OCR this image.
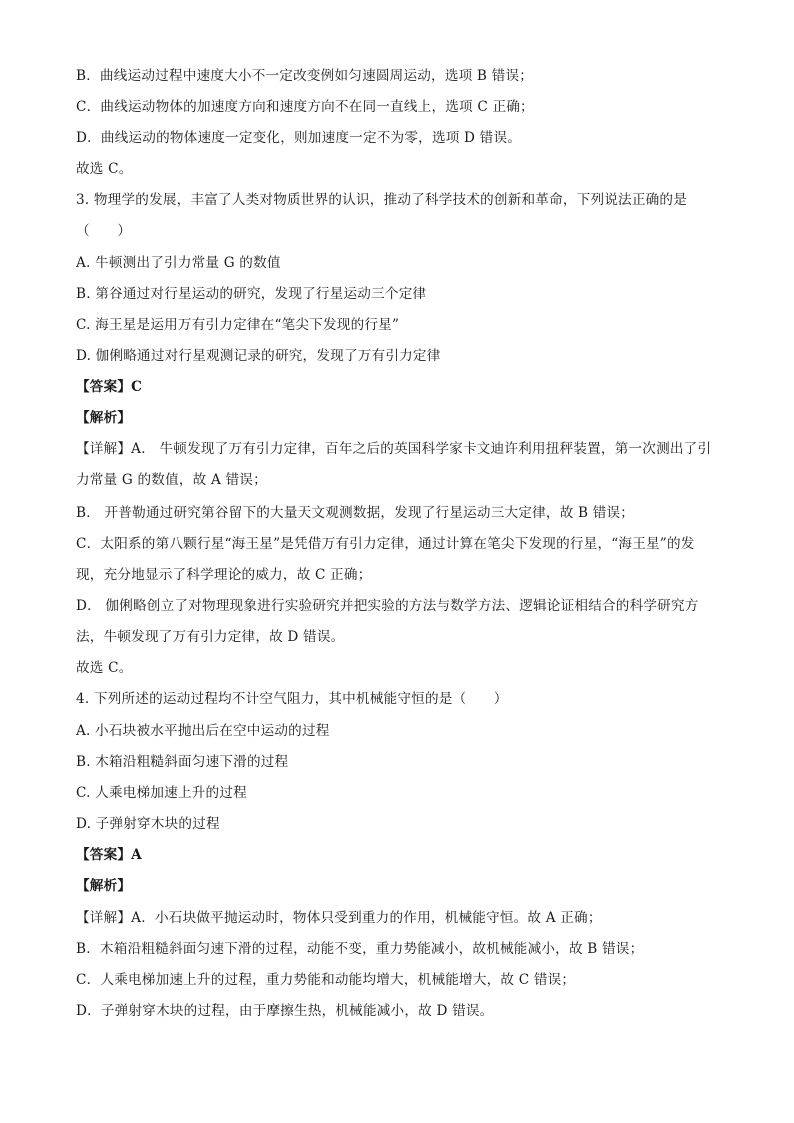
B．曲线运动过程中速度大小不一定改变例如匀速圆周运动，选项 B 错误；
C．曲线运动物体的加速度方向和速度方向不在同一直线上，选项 C 正确；
D．曲线运动的物体速度一定变化，则加速度一定不为零，选项 D 错误。
故选 C。
3. 物理学的发展，丰富了人类对物质世界的认识，推动了科学技术的创新和革命，下列说法正确的是
（　　）
A. 牛顿测出了引力常量 G 的数值
B. 第谷通过对行星运动的研究，发现了行星运动三个定律
C. 海王星是运用万有引力定律在“笔尖下发现的行星”
D. 伽俐略通过对行星观测记录的研究，发现了万有引力定律
【答案】C
【解析】
【详解】A． 牛顿发现了万有引力定律，百年之后的英国科学家卡文迪许利用扭秤装置，第一次测出了引
力常量 G 的数值，故 A 错误；
B． 开普勒通过研究第谷留下的大量天文观测数据，发现了行星运动三大定律，故 B 错误；
C．太阳系的第八颗行星“海王星”是凭借万有引力定律，通过计算在笔尖下发现的行星，“海王星”的发
现，充分地显示了科学理论的威力，故 C 正确；
D． 伽俐略创立了对物理现象进行实验研究并把实验的方法与数学方法、逻辑论证相结合的科学研究方
法，牛顿发现了万有引力定律，故 D 错误。
故选 C。
4. 下列所述的运动过程均不计空气阻力，其中机械能守恒的是（　　）
A. 小石块被水平抛出后在空中运动的过程
B. 木箱沿粗糙斜面匀速下滑的过程
C. 人乘电梯加速上升的过程
D. 子弹射穿木块的过程
【答案】A
【解析】
【详解】A．小石块做平抛运动时，物体只受到重力的作用，机械能守恒。故 A 正确；
B．木箱沿粗糙斜面匀速下滑的过程，动能不变，重力势能减小，故机械能减小，故 B 错误；
C．人乘电梯加速上升的过程，重力势能和动能均增大，机械能增大，故 C 错误；
D．子弹射穿木块的过程，由于摩擦生热，机械能减小，故 D 错误。
